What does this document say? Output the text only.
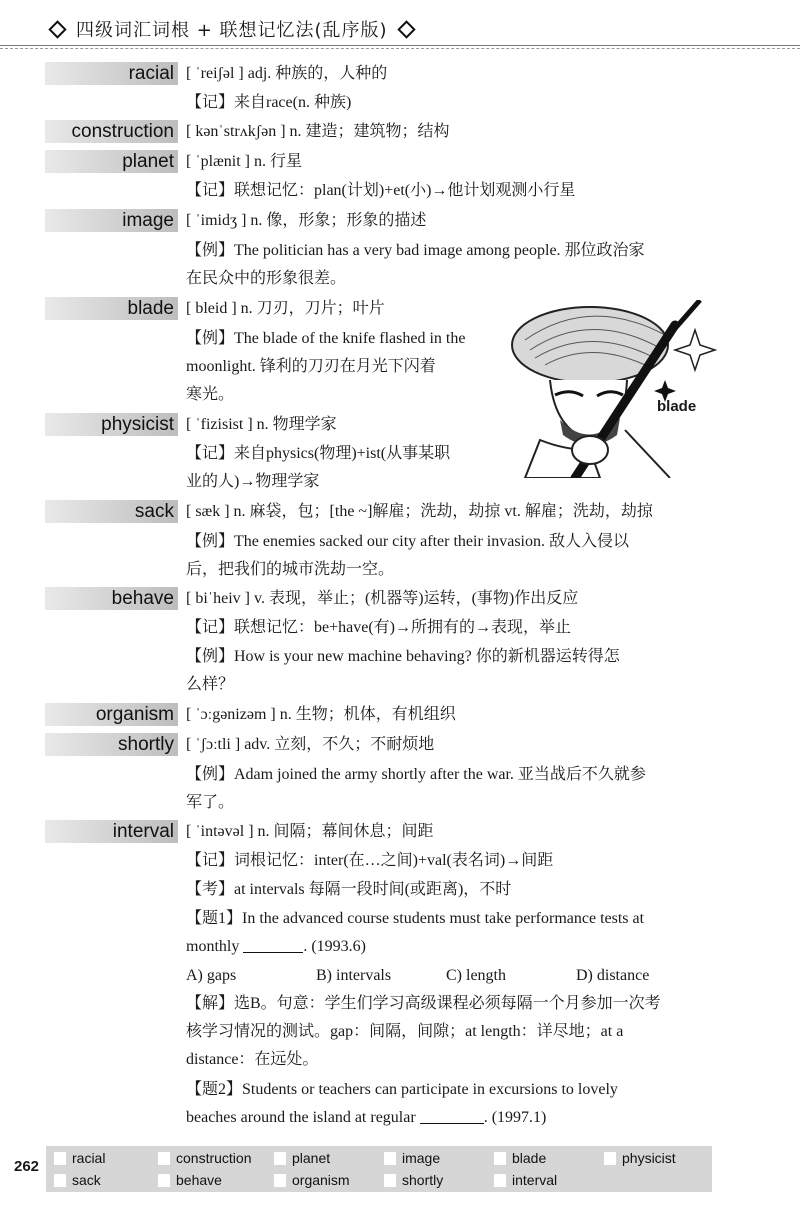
四级词汇词根 + 联想记忆法(乱序版)
racial [ ˈreiʃəl ] adj. 种族的，人种的
【记】来自race(n. 种族)
construction [ kənˈstrʌkʃən ] n. 建造；建筑物；结构
planet [ ˈplænit ] n. 行星
【记】联想记忆：plan(计划)+et(小)→他计划观测小行星
image [ ˈimidʒ ] n. 像，形象；形象的描述
【例】The politician has a very bad image among people. 那位政治家
在民众中的形象很差。
blade [ bleid ] n. 刀刃，刀片；叶片
【例】The blade of the knife flashed in the
moonlight. 锋利的刀刃在月光下闪着
寒光。
blade
physicist [ ˈfizisist ] n. 物理学家
【记】来自physics(物理)+ist(从事某职
业的人)→物理学家
sack [ sæk ] n. 麻袋，包；[the ~]解雇；洗劫，劫掠 vt. 解雇；洗劫，劫掠
【例】The enemies sacked our city after their invasion. 敌人入侵以
后，把我们的城市洗劫一空。
behave [ biˈheiv ] v. 表现，举止；(机器等)运转，(事物)作出反应
【记】联想记忆：be+have(有)→所拥有的→表现，举止
【例】How is your new machine behaving? 你的新机器运转得怎
么样？
organism [ ˈɔːgənizəm ] n. 生物；机体，有机组织
shortly [ ˈʃɔːtli ] adv. 立刻，不久；不耐烦地
【例】Adam joined the army shortly after the war. 亚当战后不久就参
军了。
interval [ ˈintəvəl ] n. 间隔；幕间休息；间距
【记】词根记忆：inter(在…之间)+val(表名词)→间距
【考】at intervals 每隔一段时间(或距离)，不时
【题1】In the advanced course students must take performance tests at
monthly	. (1993.6)
A) gaps	B) intervals	C) length	D) distance
【解】选B。句意：学生们学习高级课程必须每隔一个月参加一次考
核学习情况的测试。gap：间隔，间隙；at length：详尽地；at a
distance：在远处。
【题2】Students or teachers can participate in excursions to lovely
beaches around the island at regular	. (1997.1)
262	racial	construction	planet	image	blade	physicist
sack	behave	organism	shortly	interval
